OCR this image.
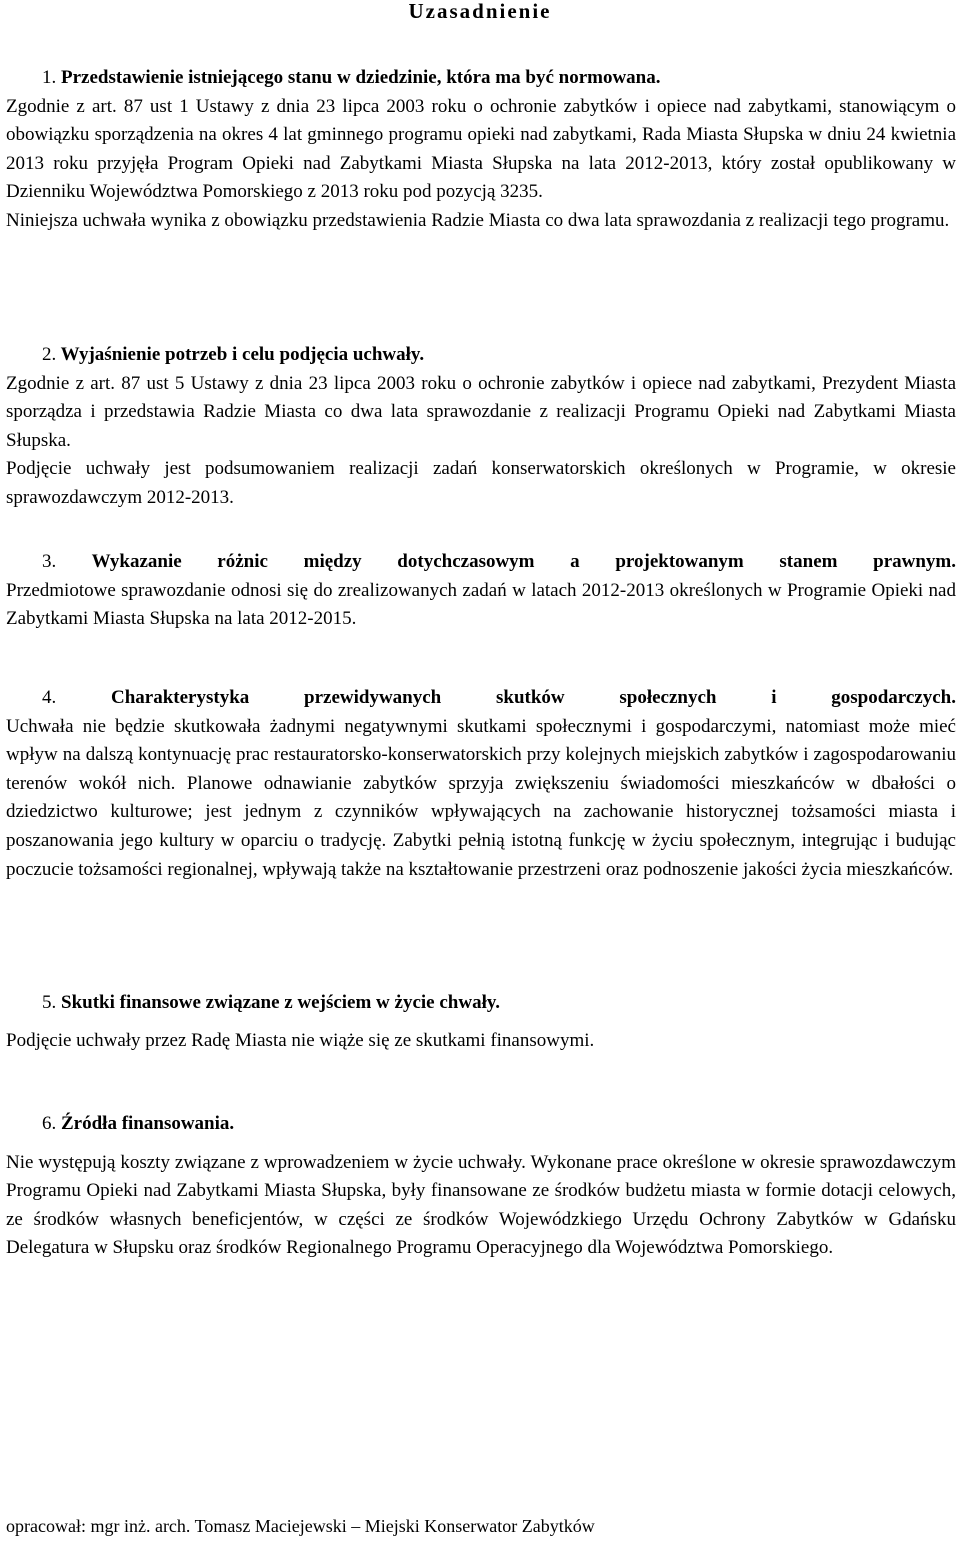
Uzasadnienie

1. Przedstawienie istniejącego stanu w dziedzinie, która ma być normowana.

Zgodnie z art. 87 ust 1 Ustawy z dnia 23 lipca 2003 roku o ochronie zabytków i opiece nad zabytkami, stanowiącym o obowiązku sporządzenia na okres 4 lat gminnego programu opieki nad zabytkami, Rada Miasta Słupska w dniu 24 kwietnia 2013 roku przyjęła Program Opieki nad Zabytkami Miasta Słupska na lata 2012-2013, który został opublikowany w Dzienniku Województwa Pomorskiego z 2013 roku pod pozycją 3235.

Niniejsza uchwała wynika z obowiązku przedstawienia Radzie Miasta co dwa lata sprawozdania z realizacji tego programu.

2. Wyjaśnienie potrzeb i celu podjęcia uchwały.

Zgodnie z art. 87 ust 5 Ustawy z dnia 23 lipca 2003 roku o ochronie zabytków i opiece nad zabytkami, Prezydent Miasta sporządza i przedstawia Radzie Miasta co dwa lata sprawozdanie z realizacji Programu Opieki nad Zabytkami Miasta Słupska.

Podjęcie uchwały jest podsumowaniem realizacji zadań konserwatorskich określonych w Programie, w okresie sprawozdawczym 2012-2013.

3. Wykazanie różnic między dotychczasowym a projektowanym stanem prawnym.

Przedmiotowe sprawozdanie odnosi się do zrealizowanych zadań w latach 2012-2013 określonych w Programie Opieki nad Zabytkami Miasta Słupska na lata 2012-2015.

4.	Charakterystyka przewidywanych skutków społecznych i gospodarczych.

Uchwała nie będzie skutkowała żadnymi negatywnymi skutkami społecznymi i gospodarczymi, natomiast może mieć wpływ na dalszą kontynuację prac restauratorsko-konserwatorskich przy kolejnych miejskich zabytków i zagospodarowaniu terenów wokół nich. Planowe odnawianie zabytków sprzyja zwiększeniu świadomości mieszkańców w dbałości o dziedzictwo kulturowe; jest jednym z czynników wpływających na zachowanie historycznej tożsamości miasta i poszanowania jego kultury w oparciu o tradycję. Zabytki pełnią istotną funkcję w życiu społecznym, integrując i budując poczucie tożsamości regionalnej, wpływają także na kształtowanie przestrzeni oraz podnoszenie jakości życia mieszkańców.

5. Skutki finansowe związane z wejściem w życie chwały.

Podjęcie uchwały przez Radę Miasta nie wiąże się ze skutkami finansowymi.

6. Źródła finansowania.

Nie występują koszty związane z wprowadzeniem w życie uchwały. Wykonane prace określone w okresie sprawozdawczym Programu Opieki nad Zabytkami Miasta Słupska, były finansowane ze środków budżetu miasta w formie dotacji celowych, ze środków własnych beneficjentów, w części ze środków Wojewódzkiego Urzędu Ochrony Zabytków w Gdańsku Delegatura w Słupsku oraz środków Regionalnego Programu Operacyjnego dla Województwa Pomorskiego.

opracował: mgr inż. arch. Tomasz Maciejewski – Miejski Konserwator Zabytków
